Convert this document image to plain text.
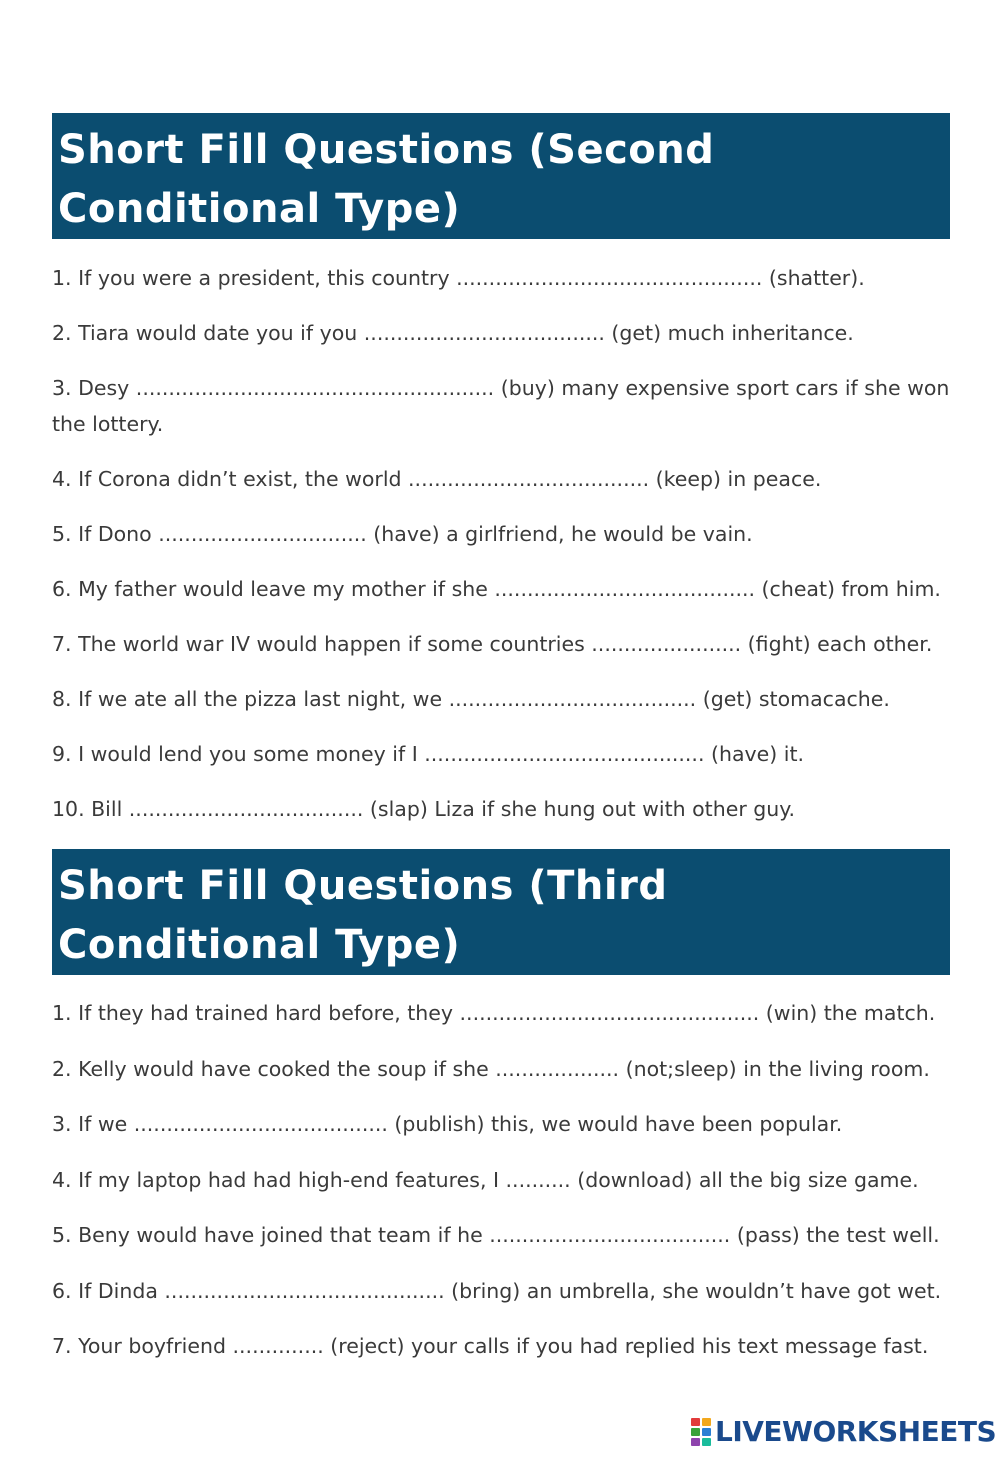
Short Fill Questions (Second Conditional Type)
1. If you were a president, this country ............................................... (shatter).
2. Tiara would date you if you ..................................... (get) much inheritance.
3. Desy ....................................................... (buy) many expensive sport cars if she won the lottery.
4. If Corona didn’t exist, the world ..................................... (keep) in peace.
5. If Dono ................................ (have) a girlfriend, he would be vain.
6. My father would leave my mother if she ........................................ (cheat) from him.
7. The world war IV would happen if some countries ....................... (fight) each other.
8. If we ate all the pizza last night, we ...................................... (get) stomacache.
9. I would lend you some money if I ........................................... (have) it.
10. Bill .................................... (slap) Liza if she hung out with other guy.
Short Fill Questions (Third Conditional Type)
1. If they had trained hard before, they .............................................. (win) the match.
2. Kelly would have cooked the soup if she ................... (not;sleep) in the living room.
3. If we ....................................... (publish) this, we would have been popular.
4. If my laptop had had high-end features, I .......... (download) all the big size game.
5. Beny would have joined that team if he ..................................... (pass) the test well.
6. If Dinda ........................................... (bring) an umbrella, she wouldn’t have got wet.
7. Your boyfriend .............. (reject) your calls if you had replied his text message fast.
LIVEWORKSHEETS
